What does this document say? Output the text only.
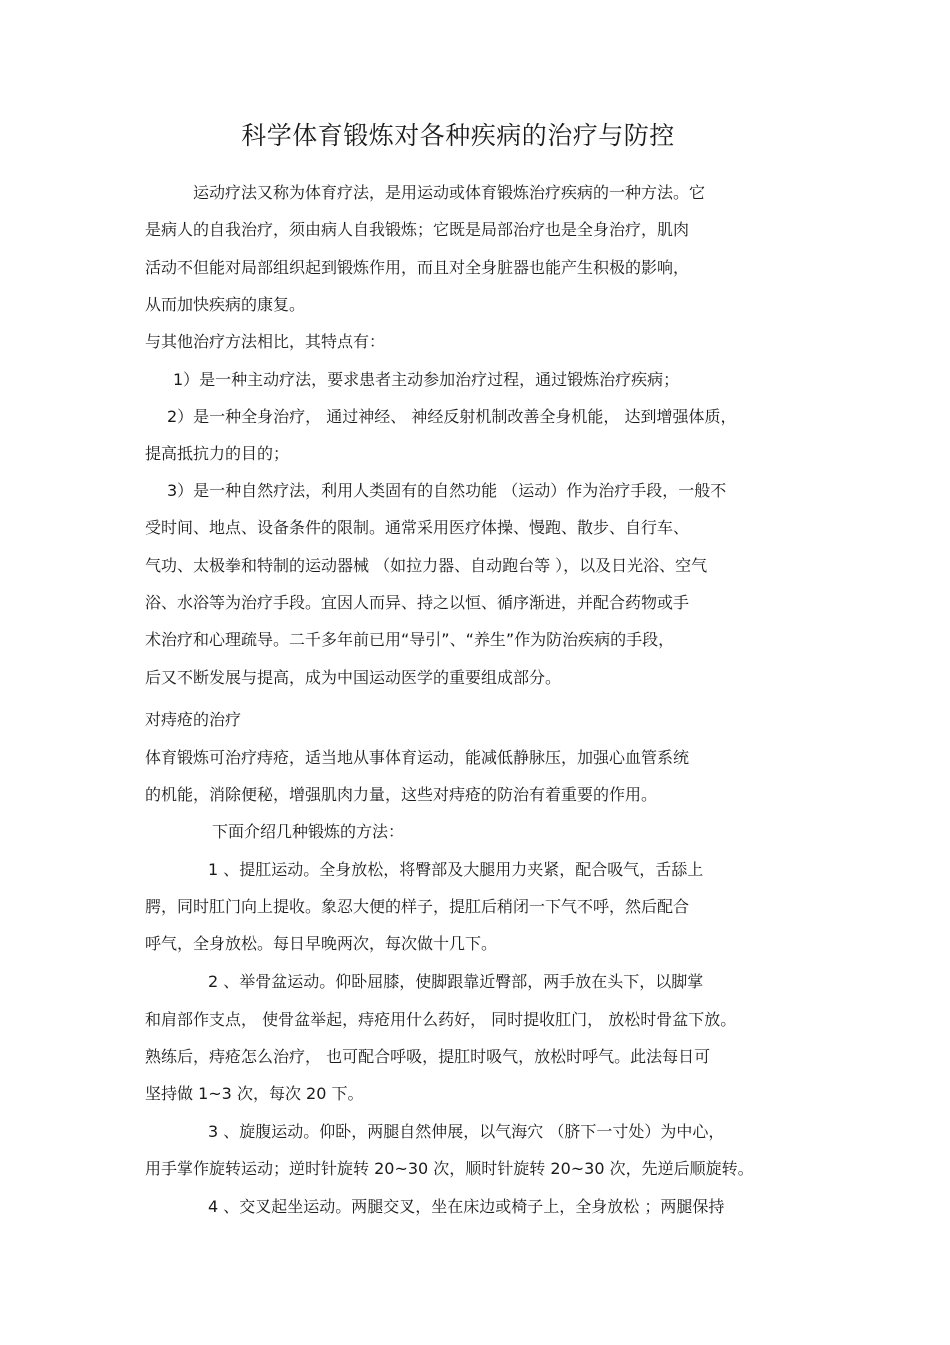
科学体育锻炼对各种疾病的治疗与防控
运动疗法又称为体育疗法，是用运动或体育锻炼治疗疾病的一种方法。它
是病人的自我治疗，须由病人自我锻炼；它既是局部治疗也是全身治疗，肌肉
活动不但能对局部组织起到锻炼作用，而且对全身脏器也能产生积极的影响，
从而加快疾病的康复。
与其他治疗方法相比，其特点有：
1）是一种主动疗法，要求患者主动参加治疗过程，通过锻炼治疗疾病；
2）是一种全身治疗， 通过神经、 神经反射机制改善全身机能， 达到增强体质，
提高抵抗力的目的；
3）是一种自然疗法，利用人类固有的自然功能 （运动）作为治疗手段，一般不
受时间、地点、设备条件的限制。通常采用医疗体操、慢跑、散步、自行车、
气功、太极拳和特制的运动器械 （如拉力器、自动跑台等 ），以及日光浴、空气
浴、水浴等为治疗手段。宜因人而异、持之以恒、循序渐进，并配合药物或手
术治疗和心理疏导。二千多年前已用“导引”、“养生”作为防治疾病的手段，
后又不断发展与提高，成为中国运动医学的重要组成部分。
对痔疮的治疗
体育锻炼可治疗痔疮，适当地从事体育运动，能减低静脉压，加强心血管系统
的机能，消除便秘，增强肌肉力量，这些对痔疮的防治有着重要的作用。
下面介绍几种锻炼的方法：
1 、提肛运动。全身放松，将臀部及大腿用力夹紧，配合吸气，舌舔上
腭，同时肛门向上提收。象忍大便的样子，提肛后稍闭一下气不呼，然后配合
呼气，全身放松。每日早晚两次，每次做十几下。
2 、举骨盆运动。仰卧屈膝，使脚跟靠近臀部，两手放在头下，以脚掌
和肩部作支点， 使骨盆举起，痔疮用什么药好， 同时提收肛门， 放松时骨盆下放。
熟练后，痔疮怎么治疗， 也可配合呼吸，提肛时吸气，放松时呼气。此法每日可
坚持做 1~3 次，每次 20 下。
3 、旋腹运动。仰卧，两腿自然伸展，以气海穴 （脐下一寸处）为中心，
用手掌作旋转运动；逆时针旋转 20~30 次，顺时针旋转 20~30 次，先逆后顺旋转。
4 、交叉起坐运动。两腿交叉，坐在床边或椅子上，全身放松 ；两腿保持
